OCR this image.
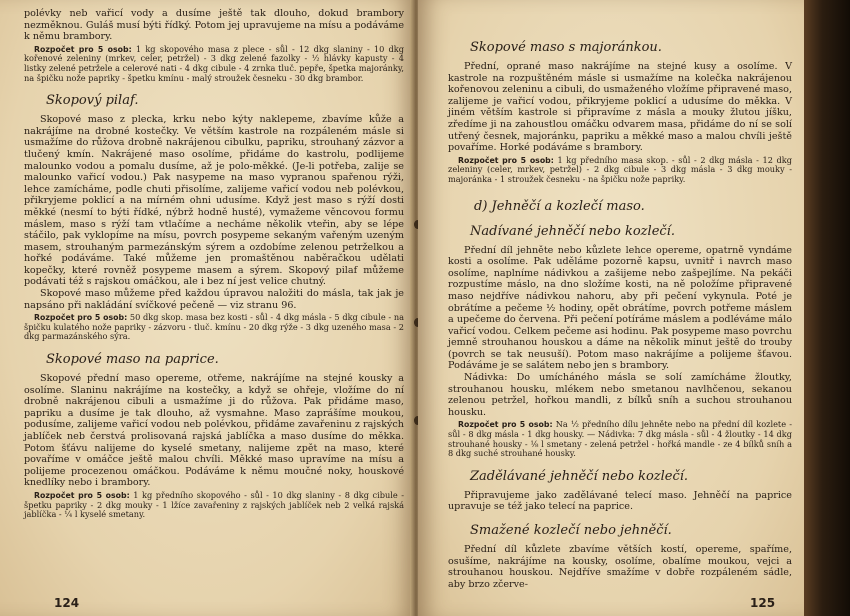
polévky neb vařicí vody a dusíme ještě tak dlouho, dokud brambory nezměknou. Guláš musí býti řídký. Potom jej upravujeme na mísu a podáváme k němu brambory.

Rozpočet pro 5 osob: 1 kg skopového masa z plece - sůl - 12 dkg slaniny - 10 dkg kořenové zeleniny (mrkev, celer, petržel) - 3 dkg zelené fazolky - ½ hlávky kapusty - 4 listky zelené petržele a celerové nati - 4 dkg cibule - 4 zrnka tluč. pepře, špetka majoránky, na špičku nože papriky - špetku kmínu - malý stroužek česneku - 30 dkg brambor.
Skopový pilaf.

Skopové maso z plecka, krku nebo kýty naklepeme, zbavíme kůže a nakrájíme na drobné kostečky. Ve větším kastrole na rozpáleném másle si usmažíme do růžova drobně nakrájenou cibulku, papriku, strouhaný zázvor a tlučený kmín. Nakrájené maso osolíme, přidáme do kastrolu, podlijeme malounko vodou a pomalu dusíme, až je polo-měkké. (Je-li potřeba, zalije se malounko vařicí vodou.) Pak nasypeme na maso vypranou spařenou rýži, lehce zamícháme, podle chuti přisolíme, zalijeme vařicí vodou neb polévkou, přikryjeme poklicí a na mírném ohni udusíme. Když jest maso s rýží dosti měkké (nesmí to býti řídké, nýbrž hodně husté), vymažeme věncovou formu máslem, maso s rýží tam vtlačíme a necháme několik vteřin, aby se lépe stáčilo, pak vyklopíme na mísu, povrch posypeme sekaným vařeným uzeným masem, strouhaným parmezánským sýrem a ozdobíme zelenou petrželkou a hořké podáváme. Také můžeme jen promaštěnou naběračkou udělati kopečky, které rovněž posypeme masem a sýrem. Skopový pilaf můžeme podávati též s rajskou omáčkou, ale i bez ní jest velice chutný.

Skopové maso můžeme před každou úpravou naložiti do másla, tak jak je napsáno při nakládání svíčkové pečeně — viz stranu 96.

Rozpočet pro 5 osob: 50 dkg skop. masa bez kosti - sůl - 4 dkg másla - 5 dkg cibule - na špičku kulatého nože papriky - zázvoru - tluč. kmínu - 20 dkg rýže - 3 dkg uzeného masa - 2 dkg parmazánského sýra.
Skopové maso na paprice.

Skopové přední maso opereme, otřeme, nakrájíme na stejné kousky a osolíme. Slaninu nakrájíme na kostečky, a když se ohřeje, vložíme do ní drobně nakrájenou cibuli a usmažíme ji do růžova. Pak přidáme maso, papriku a dusíme je tak dlouho, až vysmahne. Maso zaprášíme moukou, podusíme, zalijeme vařicí vodou neb polévkou, přidáme zavařeninu z rajských jablíček neb čerstvá prolisovaná rajská jablíčka a maso dusíme do měkka. Potom šťávu nalijeme do kyselé smetany, nalijeme zpět na maso, které povaříme v omáčce ještě malou chvíli. Měkké maso upravíme na mísu a polijeme procezenou omáčkou. Podáváme k němu moučné noky, houskové knedlíky nebo i brambory.

Rozpočet pro 5 osob: 1 kg předního skopového - sůl - 10 dkg slaniny - 8 dkg cibule - špetku papriky - 2 dkg mouky - 1 lžíce zavařeniny z rajských jablíček neb 2 velká rajská jablíčka - ¼ l kyselé smetany.
124
Skopové maso s majoránkou.

Přední, oprané maso nakrájíme na stejné kusy a osolíme. V kastrole na rozpuštěném másle si usmažíme na kolečka nakrájenou kořenovou zeleninu a cibuli, do usmaženého vložíme připravené maso, zalijeme je vařicí vodou, přikryjeme poklicí a udusíme do měkka. V jiném větším kastrole si připravíme z másla a mouky žlutou jíšku, zředíme ji na zahoustlou omáčku odvarem masa, přidáme do ní se solí utřený česnek, majoránku, papriku a měkké maso a malou chvíli ještě povaříme. Horké podáváme s brambory.

Rozpočet pro 5 osob: 1 kg předního masa skop. - sůl - 2 dkg másla - 12 dkg zeleniny (celer, mrkev, petržel) - 2 dkg cibule - 3 dkg másla - 3 dkg mouky - majoránka - 1 stroužek česneku - na špičku nože papriky.
d) Jehněčí a kozlečí maso.
Nadívané jehněčí nebo kozlečí.

Přední díl jehněte nebo kůzlete lehce opereme, opatrně vyndáme kosti a osolíme. Pak uděláme pozorně kapsu, uvnitř i navrch maso osolíme, naplníme nádivkou a zašijeme nebo zašpejlíme. Na pekáči rozpustíme máslo, na dno složíme kosti, na ně položíme připravené maso nejdříve nádivkou nahoru, aby při pečení vykynula. Poté je obrátíme a pečeme ½ hodiny, opět obrátíme, povrch potřeme máslem a upečeme do červena. Při pečení potíráme máslem a podléváme málo vařicí vodou. Celkem pečeme asi hodinu. Pak posypeme maso povrchu jemně strouhanou houskou a dáme na několik minut ještě do trouby (povrch se tak neusuší). Potom maso nakrájíme a polijeme šťavou. Podáváme je se salátem nebo jen s brambory.

Nádivka: Do umícháného másla se solí zamícháme žloutky, strouhanou housku, mlékem nebo smetanou navlhčenou, sekanou zelenou petržel, hořkou mandli, z bílků sníh a suchou strouhanou housku.

Rozpočet pro 5 osob: Na ½ předního dílu jehněte nebo na přední díl kozlete - sůl - 8 dkg másla - 1 dkg housky. — Nádivka: 7 dkg másla - sůl - 4 žloutky - 14 dkg strouhané housky - ⅛ l smetany - zelená petržel - hořká mandle - ze 4 bílků sníh a 8 dkg suché strouhané housky.
Zadělávané jehněčí nebo kozlečí.

Připravujeme jako zadělávané telecí maso. Jehněčí na paprice upravuje se též jako telecí na paprice.

Smažené kozlečí nebo jehněčí.

Přední díl kůzlete zbavíme větších kostí, opereme, spaříme, osušíme, nakrájíme na kousky, osolíme, obalíme moukou, vejci a strouhanou houskou. Nejdříve smažíme v dobře rozpáleném sádle, aby brzo zčerve-

125
